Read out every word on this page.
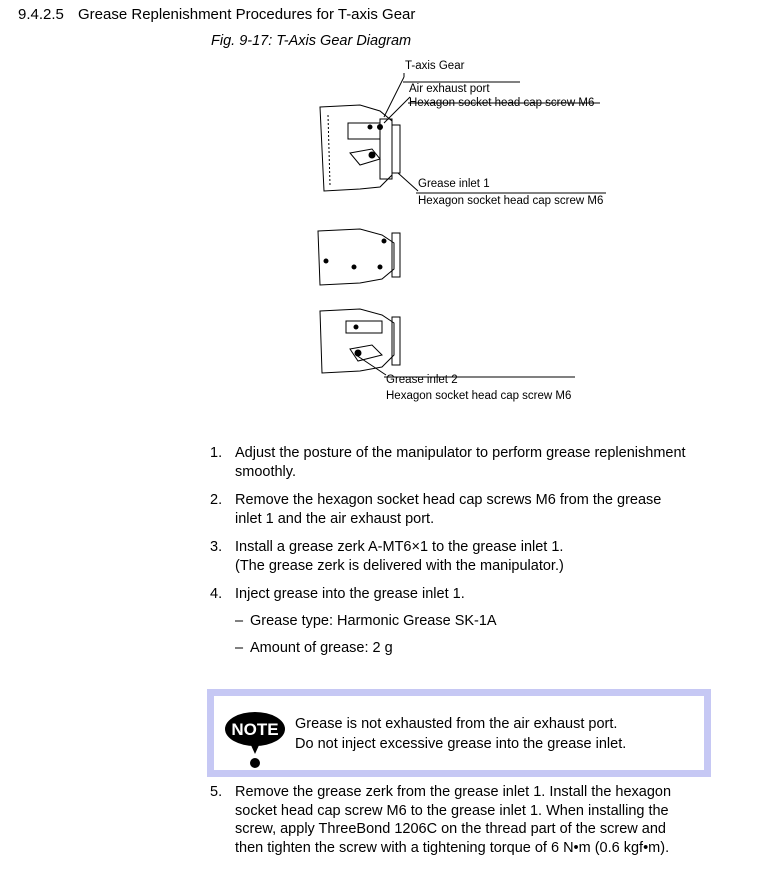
9.4.2.5 Grease Replenishment Procedures for T-axis Gear
Fig. 9-17: T-Axis Gear Diagram
T-axis Gear
Air exhaust port
Hexagon socket head cap screw M6
Grease inlet 1
Hexagon socket head cap screw M6
Grease inlet 2
Hexagon socket head cap screw M6
1. Adjust the posture of the manipulator to perform grease replenishment
smoothly.
2. Remove the hexagon socket head cap screws M6 from the grease
inlet 1 and the air exhaust port.
3. Install a grease zerk A-MT6×1 to the grease inlet 1.
(The grease zerk is delivered with the manipulator.)
4. Inject grease into the grease inlet 1.
– Grease type: Harmonic Grease SK-1A
– Amount of grease: 2 g
NOTE Grease is not exhausted from the air exhaust port.
Do not inject excessive grease into the grease inlet.
5. Remove the grease zerk from the grease inlet 1. Install the hexagon
socket head cap screw M6 to the grease inlet 1. When installing the
screw, apply ThreeBond 1206C on the thread part of the screw and
then tighten the screw with a tightening torque of 6 N•m (0.6 kgf•m).
